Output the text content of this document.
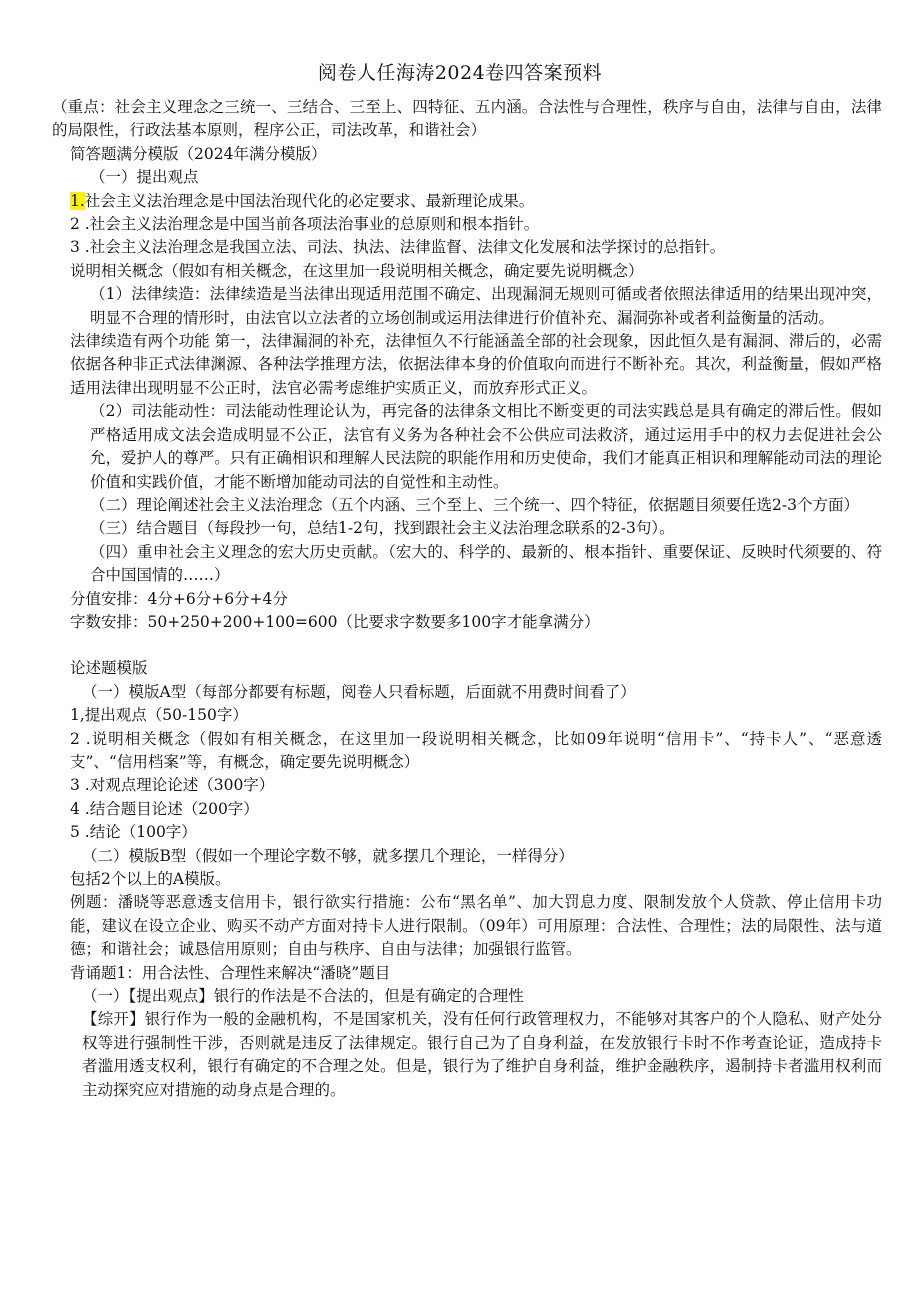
阅卷人任海涛2024卷四答案预料

（重点：社会主义理念之三统一、三结合、三至上、四特征、五内涵。合法性与合理性，秩序与自由，法律与自由，法律的局限性，行政法基本原则，程序公正，司法改革，和谐社会）

简答题满分模版（2024年满分模版）

（一）提出观点

1.社会主义法治理念是中国法治现代化的必定要求、最新理论成果。

2 .社会主义法治理念是中国当前各项法治事业的总原则和根本指针。

3 .社会主义法治理念是我国立法、司法、执法、法律监督、法律文化发展和法学探讨的总指针。

说明相关概念（假如有相关概念，在这里加一段说明相关概念，确定要先说明概念）

（1）法律续造：法律续造是当法律出现适用范围不确定、出现漏洞无规则可循或者依照法律适用的结果出现冲突，明显不合理的情形时，由法官以立法者的立场创制或运用法律进行价值补充、漏洞弥补或者利益衡量的活动。

法律续造有两个功能 第一，法律漏洞的补充，法律恒久不行能涵盖全部的社会现象，因此恒久是有漏洞、滞后的，必需依据各种非正式法律渊源、各种法学推理方法，依据法律本身的价值取向而进行不断补充。其次，利益衡量，假如严格适用法律出现明显不公正时，法官必需考虑维护实质正义，而放弃形式正义。

（2）司法能动性：司法能动性理论认为，再完备的法律条文相比不断变更的司法实践总是具有确定的滞后性。假如严格适用成文法会造成明显不公正，法官有义务为各种社会不公供应司法救济，通过运用手中的权力去促进社会公允，爱护人的尊严。只有正确相识和理解人民法院的职能作用和历史使命，我们才能真正相识和理解能动司法的理论价值和实践价值，才能不断增加能动司法的自觉性和主动性。

（二）理论阐述社会主义法治理念（五个内涵、三个至上、三个统一、四个特征，依据题目须要任选2-3个方面）

（三）结合题目（每段抄一句，总结1-2句，找到跟社会主义法治理念联系的2-3句）。

（四）重申社会主义理念的宏大历史贡献。（宏大的、科学的、最新的、根本指针、重要保证、反映时代须要的、符合中国国情的……）

分值安排：4分+6分+6分+4分

字数安排：50+250+200+100=600（比要求字数要多100字才能拿满分）

论述题模版

（一）模版A型（每部分都要有标题，阅卷人只看标题，后面就不用费时间看了）

1,提出观点（50-150字）

2 .说明相关概念（假如有相关概念，在这里加一段说明相关概念，比如09年说明“信用卡”、“持卡人”、“恶意透支”、“信用档案”等，有概念，确定要先说明概念）

3 .对观点理论论述（300字）

4 .结合题目论述（200字）

5 .结论（100字）

（二）模版B型（假如一个理论字数不够，就多摆几个理论，一样得分）

包括2个以上的A模版。

例题：潘晓等恶意透支信用卡，银行欲实行措施：公布“黑名单”、加大罚息力度、限制发放个人贷款、停止信用卡功能，建议在设立企业、购买不动产方面对持卡人进行限制。（09年）可用原理：合法性、合理性；法的局限性、法与道德；和谐社会；诚恳信用原则；自由与秩序、自由与法律；加强银行监管。

背诵题1：用合法性、合理性来解决“潘晓”题目

（一）【提出观点】银行的作法是不合法的，但是有确定的合理性

【综开】银行作为一般的金融机构，不是国家机关，没有任何行政管理权力，不能够对其客户的个人隐私、财产处分权等进行强制性干涉，否则就是违反了法律规定。银行自己为了自身利益，在发放银行卡时不作考查论证，造成持卡者滥用透支权利，银行有确定的不合理之处。但是，银行为了维护自身利益，维护金融秩序，遏制持卡者滥用权利而主动探究应对措施的动身点是合理的。
